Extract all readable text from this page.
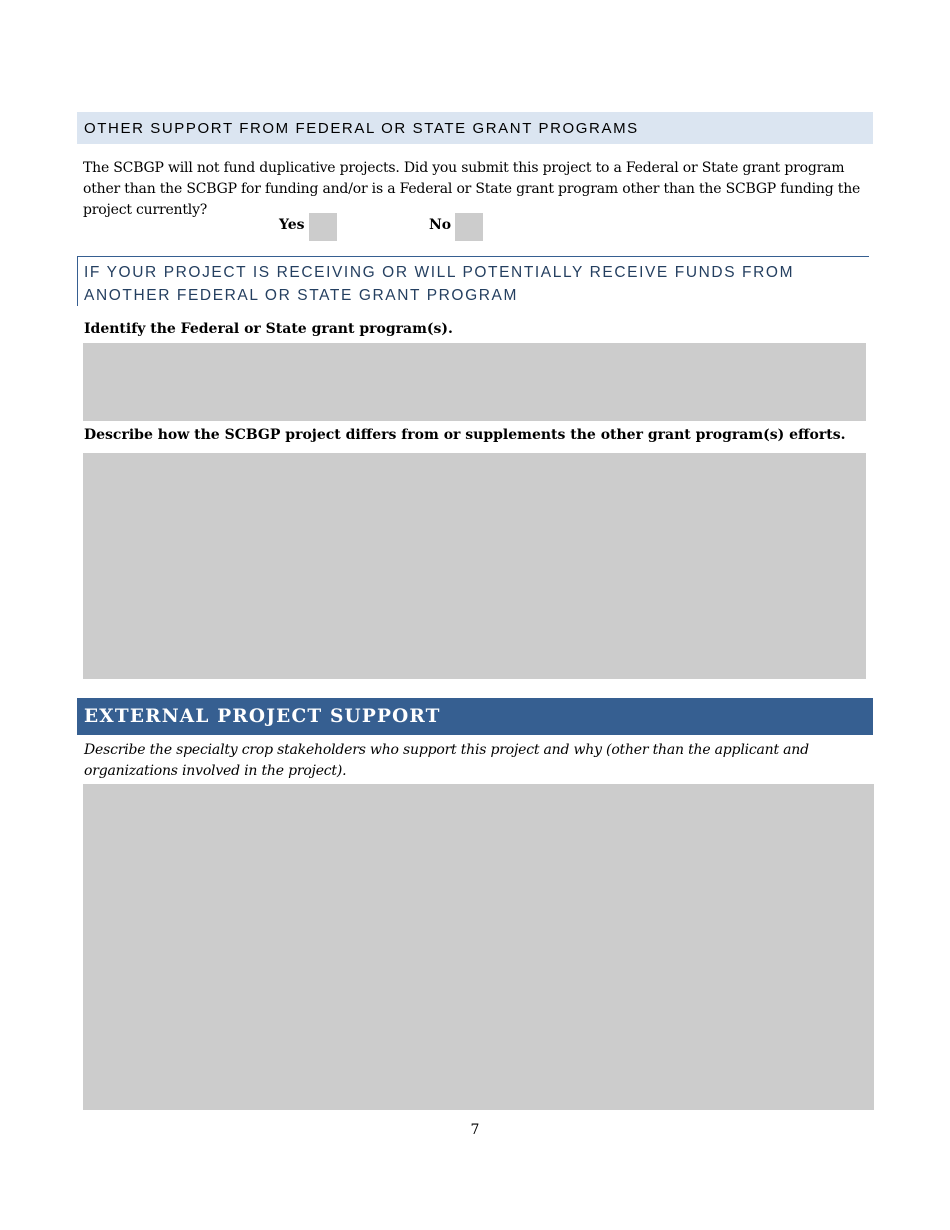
OTHER SUPPORT FROM FEDERAL OR STATE GRANT PROGRAMS
The SCBGP will not fund duplicative projects. Did you submit this project to a Federal or State grant program other than the SCBGP for funding and/or is a Federal or State grant program other than the SCBGP funding the project currently?
Yes	No
IF YOUR PROJECT IS RECEIVING OR WILL POTENTIALLY RECEIVE FUNDS FROM ANOTHER FEDERAL OR STATE GRANT PROGRAM
Identify the Federal or State grant program(s).
Describe how the SCBGP project differs from or supplements the other grant program(s) efforts.
EXTERNAL PROJECT SUPPORT
Describe the specialty crop stakeholders who support this project and why (other than the applicant and organizations involved in the project).
7
